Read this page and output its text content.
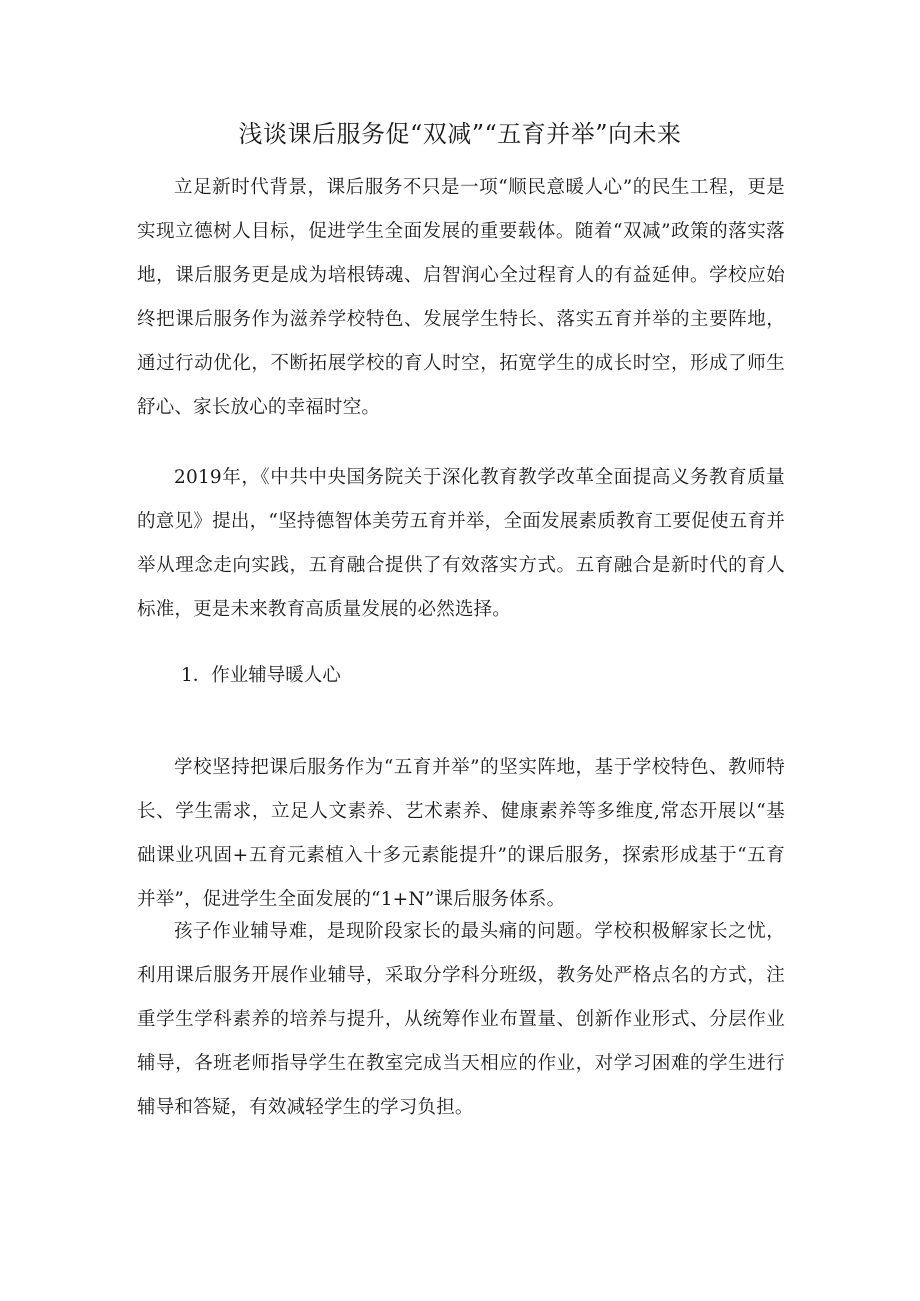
浅谈课后服务促“双减”“五育并举”向未来

立足新时代背景，课后服务不只是一项“顺民意暖人心”的民生工程，更是实现立德树人目标，促进学生全面发展的重要载体。随着“双减”政策的落实落地，课后服务更是成为培根铸魂、启智润心全过程育人的有益延伸。学校应始终把课后服务作为滋养学校特色、发展学生特长、落实五育并举的主要阵地，通过行动优化，不断拓展学校的育人时空，拓宽学生的成长时空，形成了师生舒心、家长放心的幸福时空。

2019年，《中共中央国务院关于深化教育教学改革全面提高义务教育质量的意见》提出，“坚持德智体美劳五育并举，全面发展素质教育工要促使五育并举从理念走向实践，五育融合提供了有效落实方式。五育融合是新时代的育人标准，更是未来教育高质量发展的必然选择。

1．作业辅导暖人心

学校坚持把课后服务作为“五育并举”的坚实阵地，基于学校特色、教师特长、学生需求，立足人文素养、艺术素养、健康素养等多维度,常态开展以“基础课业巩固+五育元素植入十多元素能提升”的课后服务，探索形成基于“五育并举”，促进学生全面发展的“1+N”课后服务体系。

孩子作业辅导难，是现阶段家长的最头痛的问题。学校积极解家长之忧，利用课后服务开展作业辅导，采取分学科分班级，教务处严格点名的方式，注重学生学科素养的培养与提升，从统筹作业布置量、创新作业形式、分层作业辅导，各班老师指导学生在教室完成当天相应的作业，对学习困难的学生进行辅导和答疑，有效减轻学生的学习负担。
